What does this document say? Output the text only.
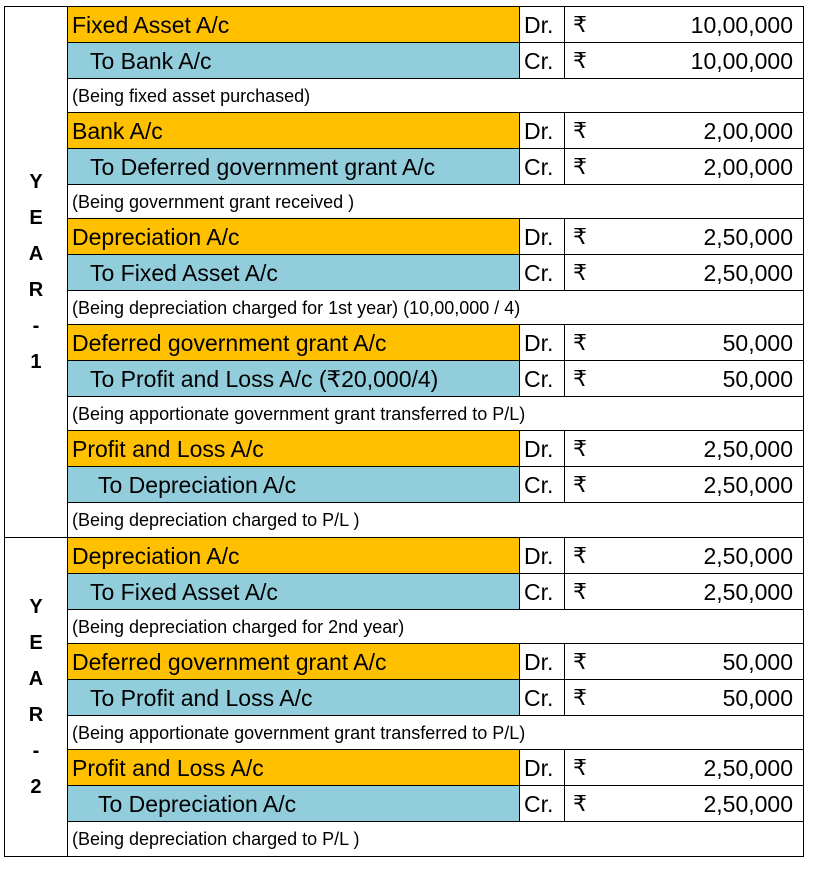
Y
E
A
R
-
1
Fixed Asset A/c	Dr. ₹	10,00,000
To Bank A/c	Cr. ₹	10,00,000
(Being fixed asset purchased)
Bank A/c	Dr. ₹	2,00,000
To Deferred government grant A/c	Cr. ₹	2,00,000
(Being government grant received )
Depreciation A/c	Dr. ₹	2,50,000
To Fixed Asset A/c	Cr. ₹	2,50,000
(Being depreciation charged for 1st year) (10,00,000 / 4)
Deferred government grant A/c	Dr. ₹	50,000
To Profit and Loss A/c (₹20,000/4)	Cr. ₹	50,000
(Being apportionate government grant transferred to P/L)
Profit and Loss A/c	Dr. ₹	2,50,000
To Depreciation A/c	Cr. ₹	2,50,000
(Being depreciation charged to P/L )
Y
E
A
R
-
2
Depreciation A/c	Dr. ₹	2,50,000
To Fixed Asset A/c	Cr. ₹	2,50,000
(Being depreciation charged for 2nd year)
Deferred government grant A/c	Dr. ₹	50,000
To Profit and Loss A/c	Cr. ₹	50,000
(Being apportionate government grant transferred to P/L)
Profit and Loss A/c	Dr. ₹	2,50,000
To Depreciation A/c	Cr. ₹	2,50,000
(Being depreciation charged to P/L )
